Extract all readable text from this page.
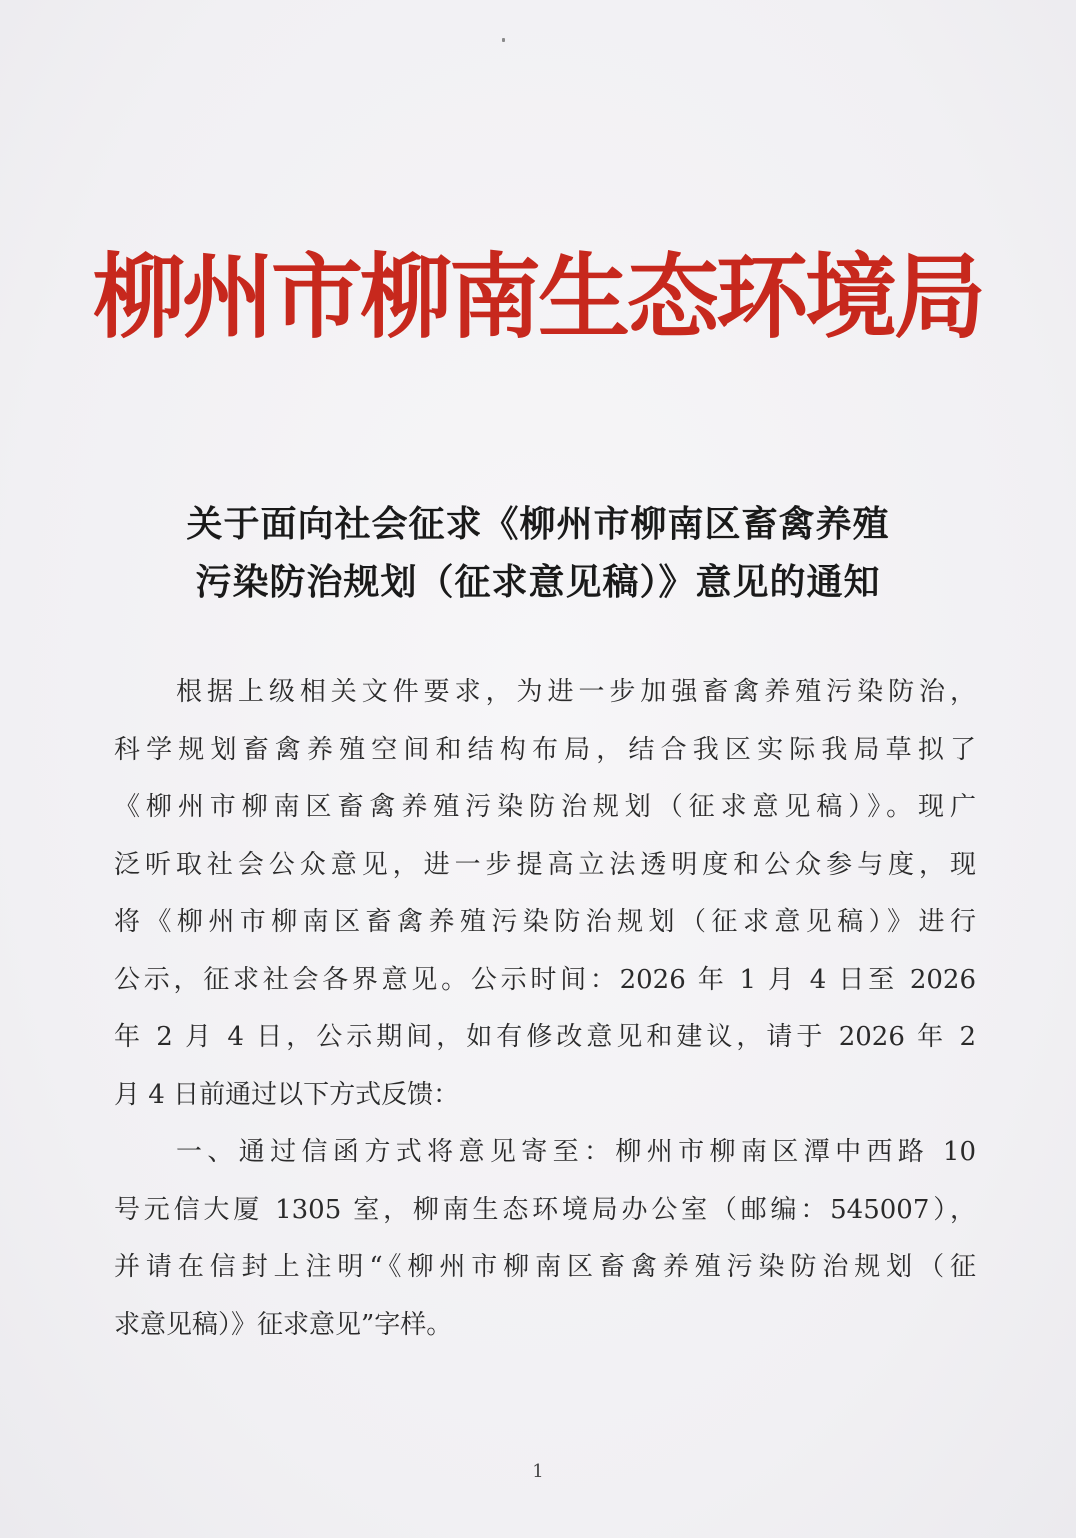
柳州市柳南生态环境局
关于面向社会征求《柳州市柳南区畜禽养殖
污染防治规划（征求意见稿）》意见的通知
根据上级相关文件要求，为进一步加强畜禽养殖污染防治，
科学规划畜禽养殖空间和结构布局，结合我区实际我局草拟了
《柳州市柳南区畜禽养殖污染防治规划（征求意见稿）》。现广
泛听取社会公众意见，进一步提高立法透明度和公众参与度，现
将《柳州市柳南区畜禽养殖污染防治规划（征求意见稿）》进行
公示，征求社会各界意见。公示时间：2026 年 1 月 4 日至 2026
年 2 月 4 日，公示期间，如有修改意见和建议，请于 2026 年 2
月 4 日前通过以下方式反馈：
一、通过信函方式将意见寄至：柳州市柳南区潭中西路 10
号元信大厦 1305 室，柳南生态环境局办公室（邮编：545007），
并请在信封上注明“《柳州市柳南区畜禽养殖污染防治规划（征
求意见稿）》征求意见”字样。
1
